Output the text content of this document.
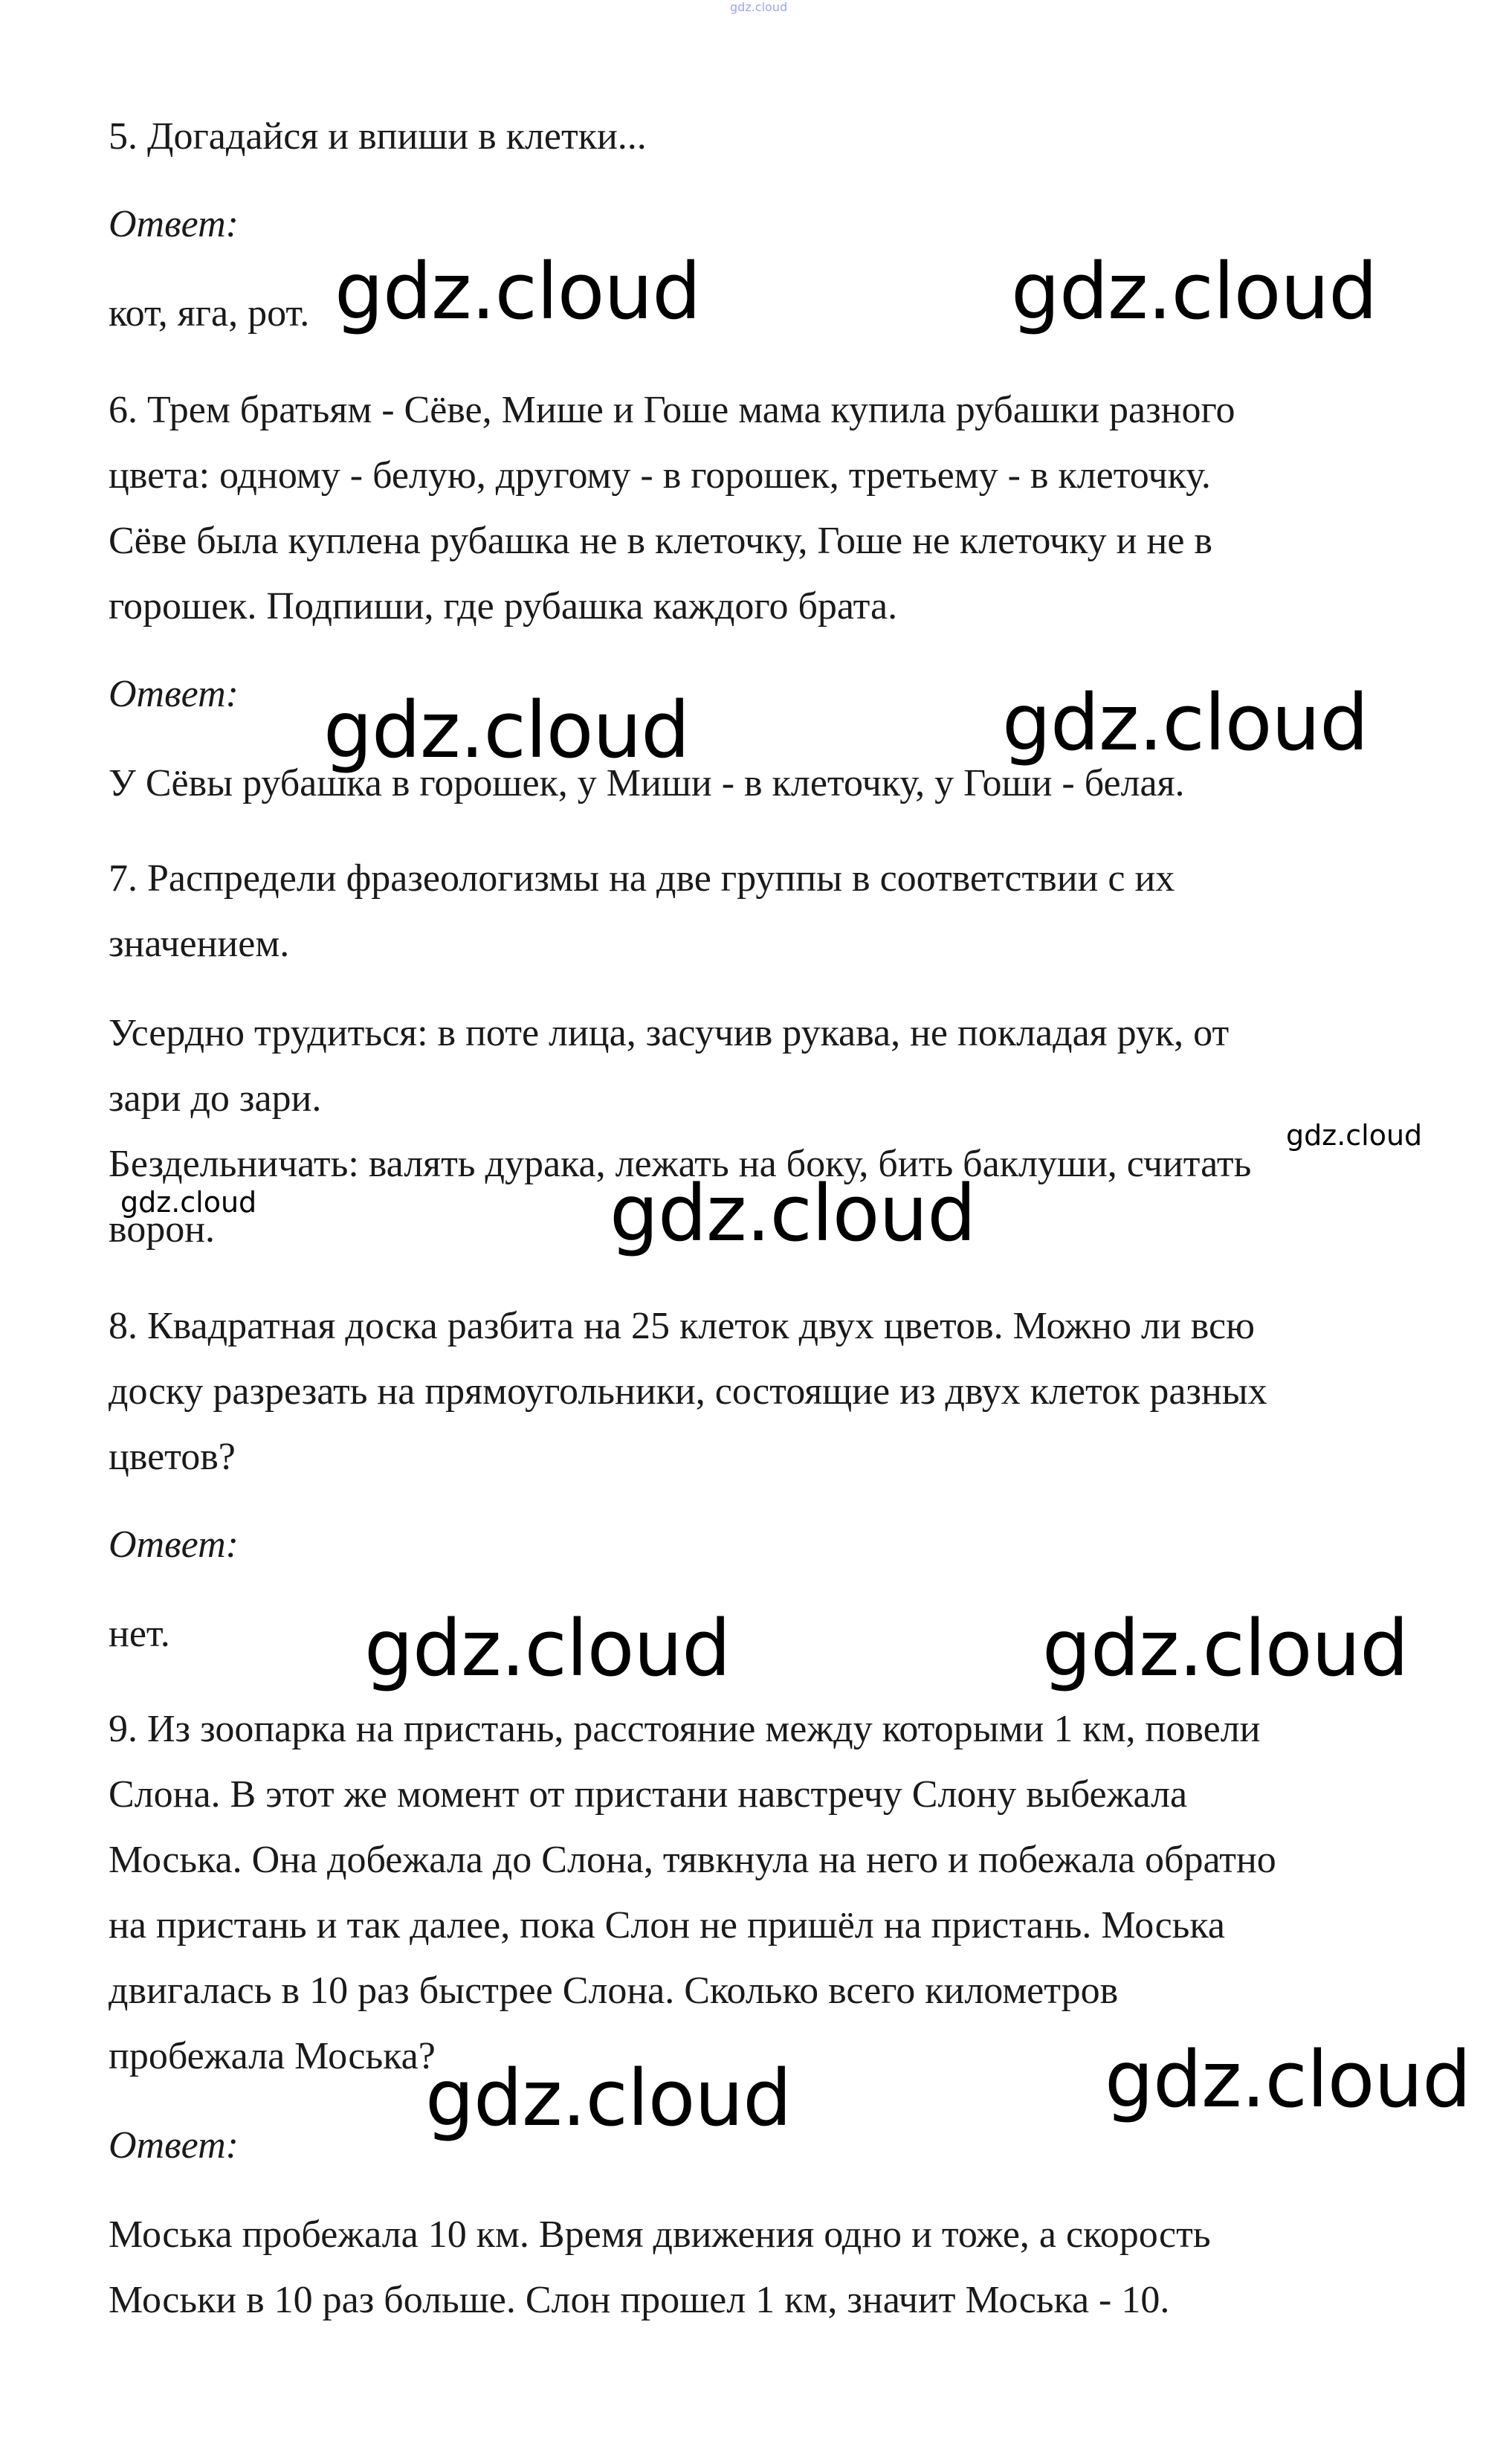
gdz.cloud

5. Догадайся и впиши в клетки...

Ответ:

кот, яга, рот.

6. Трем братьям - Сёве, Мише и Гоше мама купила рубашки разного

цвета: одному - белую, другому - в горошек, третьему - в клеточку.

Сёве была куплена рубашка не в клеточку, Гоше не клеточку и не в

горошек. Подпиши, где рубашка каждого брата.

Ответ:

У Сёвы рубашка в горошек, у Миши - в клеточку, у Гоши - белая.

7. Распредели фразеологизмы на две группы в соответствии с их

значением.

Усердно трудиться: в поте лица, засучив рукава, не покладая рук, от

зари до зари.

Бездельничать: валять дурака, лежать на боку, бить баклуши, считать

ворон.

8. Квадратная доска разбита на 25 клеток двух цветов. Можно ли всю

доску разрезать на прямоугольники, состоящие из двух клеток разных

цветов?

Ответ:

нет.

9. Из зоопарка на пристань, расстояние между которыми 1 км, повели

Слона. В этот же момент от пристани навстречу Слону выбежала

Моська. Она добежала до Слона, тявкнула на него и побежала обратно

на пристань и так далее, пока Слон не пришёл на пристань. Моська

двигалась в 10 раз быстрее Слона. Сколько всего километров

пробежала Моська?

Ответ:

Моська пробежала 10 км. Время движения одно и тоже, а скорость

Моськи в 10 раз больше. Слон прошел 1 км, значит Моська - 10.

gdz.cloud	gdz.cloud
gdz.cloud	gdz.cloud
gdz.cloud
gdz.cloud	gdz.cloud
gdz.cloud	gdz.cloud
gdz.cloud
gdz.cloud
